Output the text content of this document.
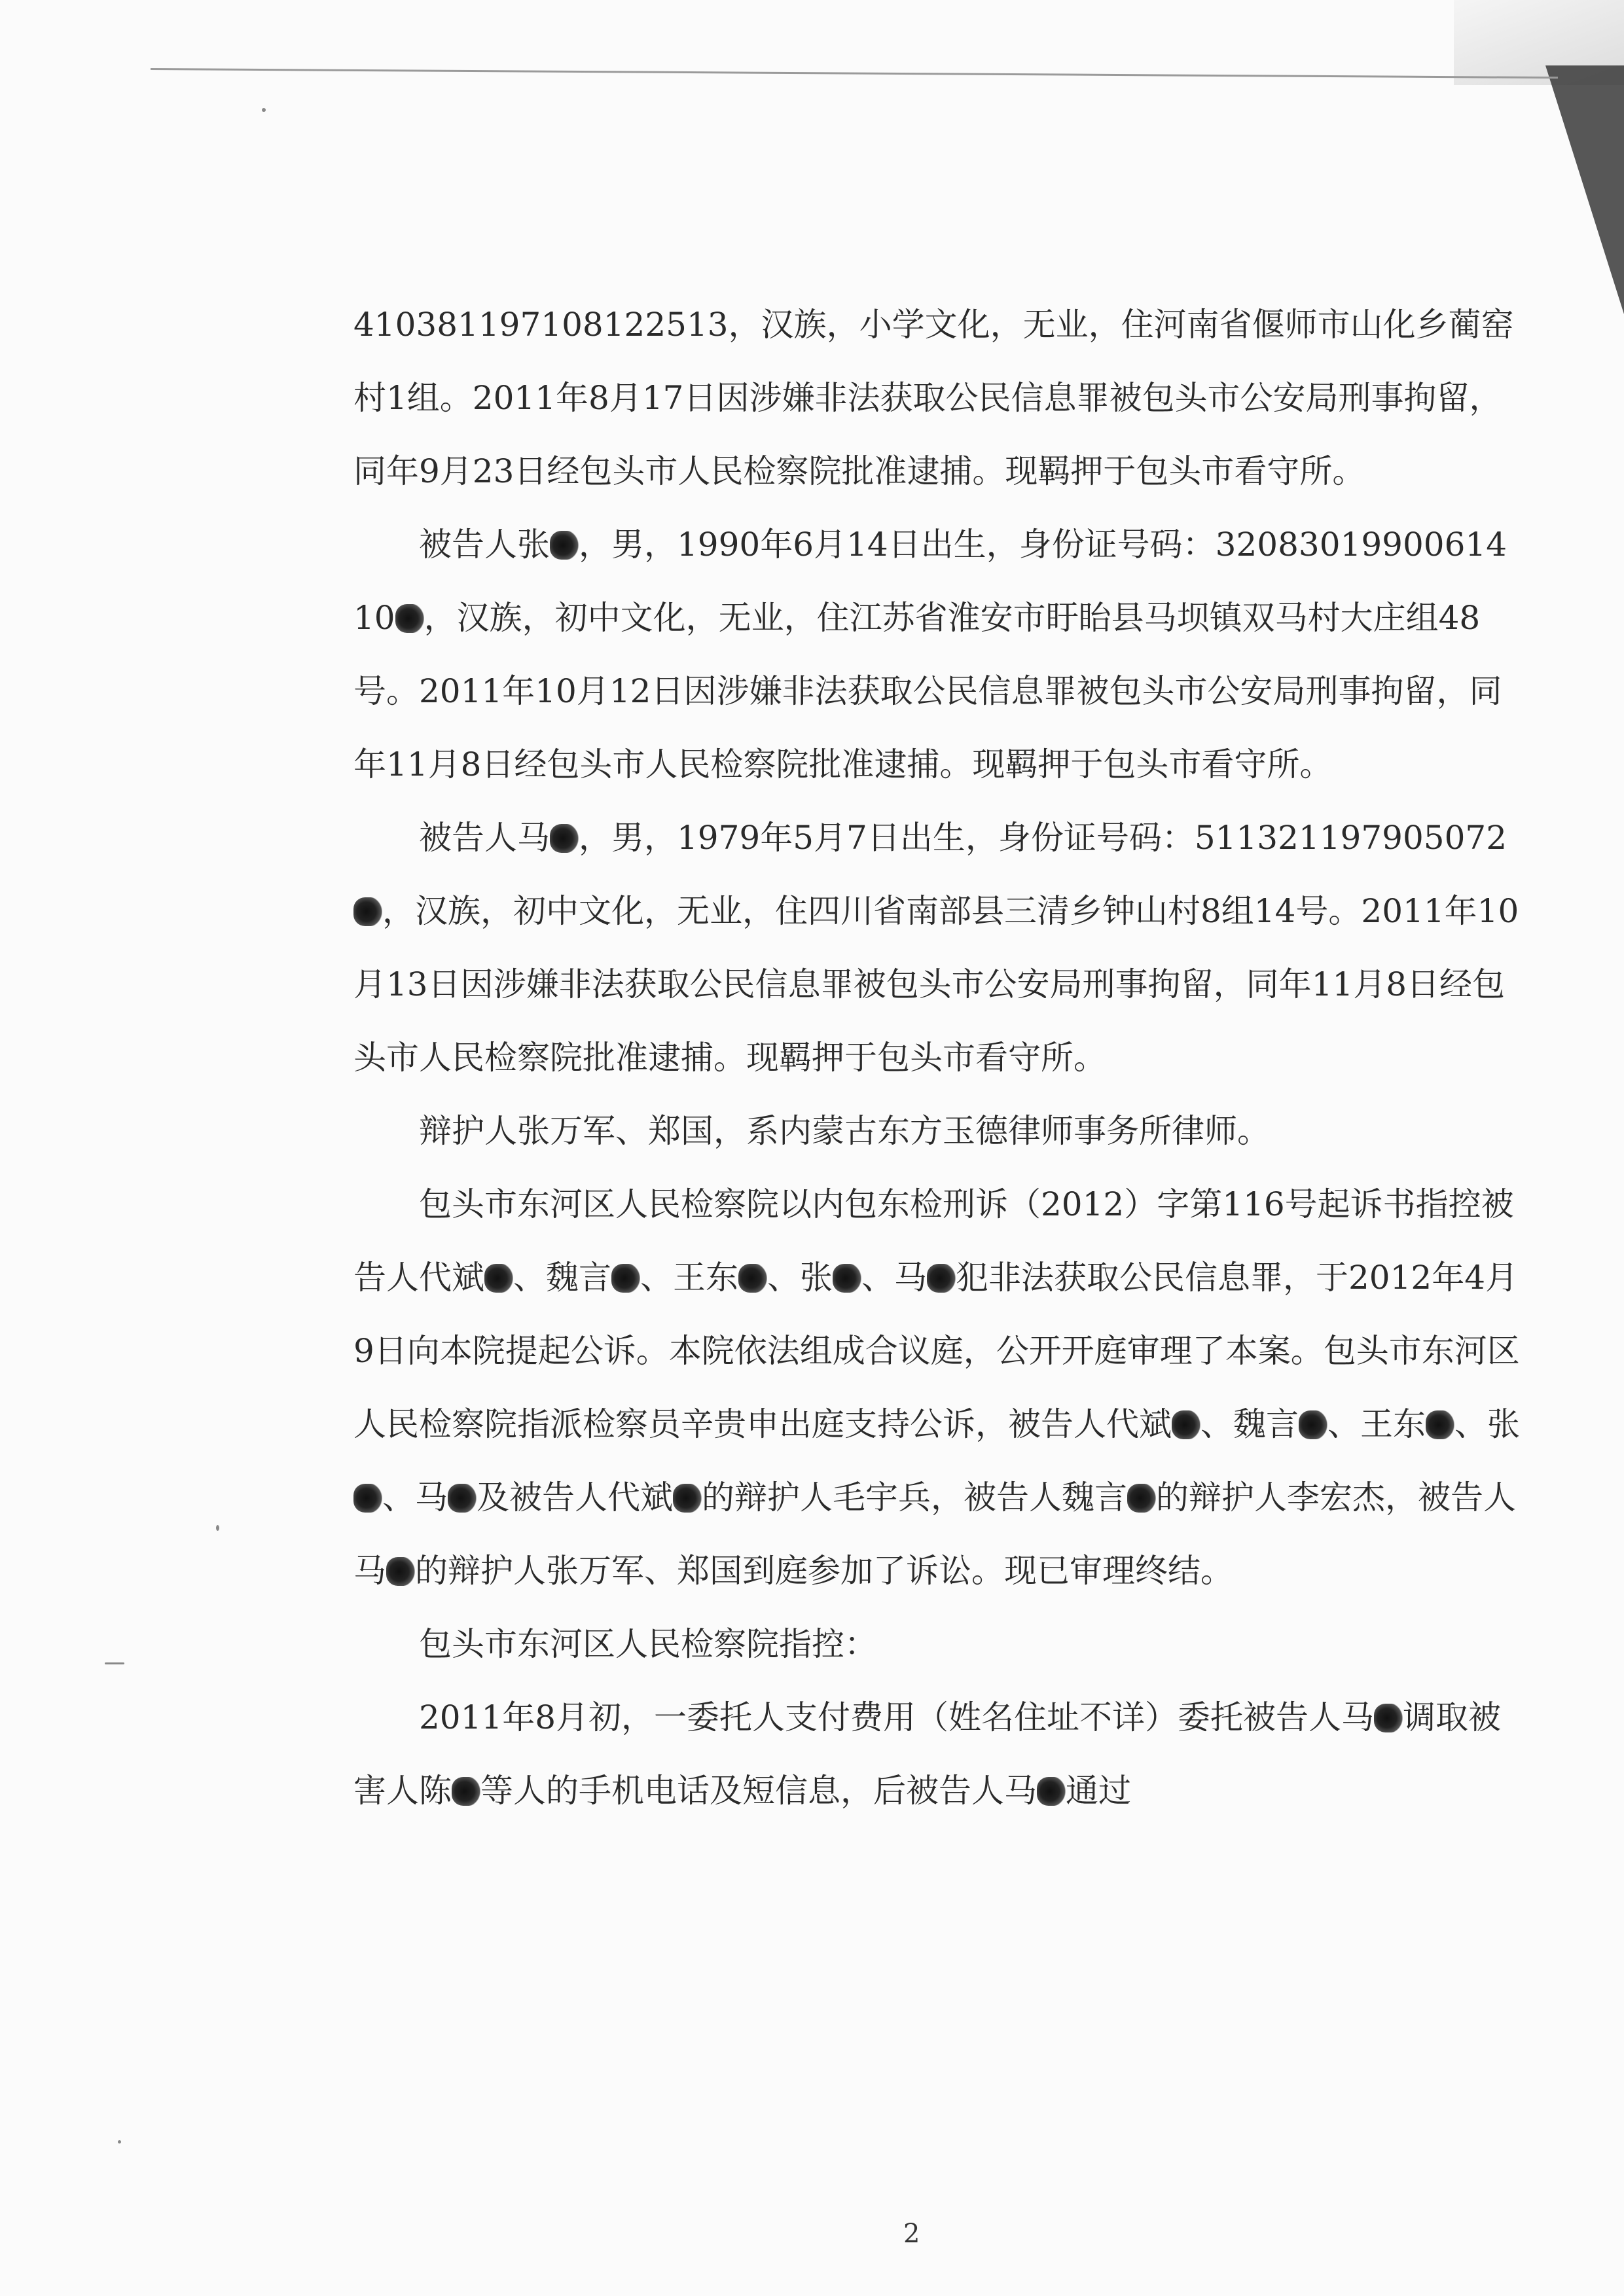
410381197108122513，汉族，小学文化，无业，住河南省偃师市山化乡蔺窑村1组。2011年8月17日因涉嫌非法获取公民信息罪被包头市公安局刑事拘留，同年9月23日经包头市人民检察院批准逮捕。现羁押于包头市看守所。

被告人张 ，男，1990年6月14日出生，身份证号码：32083019900614​10 ，汉族，初中文化，无业，住江苏省淮安市盱眙县马坝镇双马村大庄组48号。2011年10月12日因涉嫌非法获取公民信息罪被包头市公安局刑事拘留，同年11月8日经包头市人民检察院批准逮捕。现羁押于包头市看守所。

被告人马 ，男，1979年5月7日出生，身份证号码：511321197905072，汉族，初中文化，无业，住四川省南部县三清乡钟山村8组14号。2011年10月13日因涉嫌非法获取公民信息罪被包头市公安局刑事拘留，同年11月8日经包头市人民检察院批准逮捕。现羁押于包头市看守所。

辩护人张万军、郑国，系内蒙古东方玉德律师事务所律师。

包头市东河区人民检察院以内包东检刑诉（2012）字第116号起诉书指控被告人代斌 、魏言 、王东 、张 、马 犯非法获取公民信息罪，于2012年4月9日向本院提起公诉。本院依法组成合议庭，公开开庭审理了本案。包头市东河区人民检察院指派检察员辛贵申出庭支持公诉，被告人代斌 、魏言 、王东 、张、马 及被告人代斌 的辩护人毛宇兵，被告人魏言 的辩护人李宏杰，被告人马 的辩护人张万军、郑国到庭参加了诉讼。现已审理终结。

包头市东河区人民检察院指控：

2011年8月初，一委托人支付费用（姓名住址不详）委托被告人马 调取被害人陈 等人的手机电话及短信息，后被告人马 通过

2
